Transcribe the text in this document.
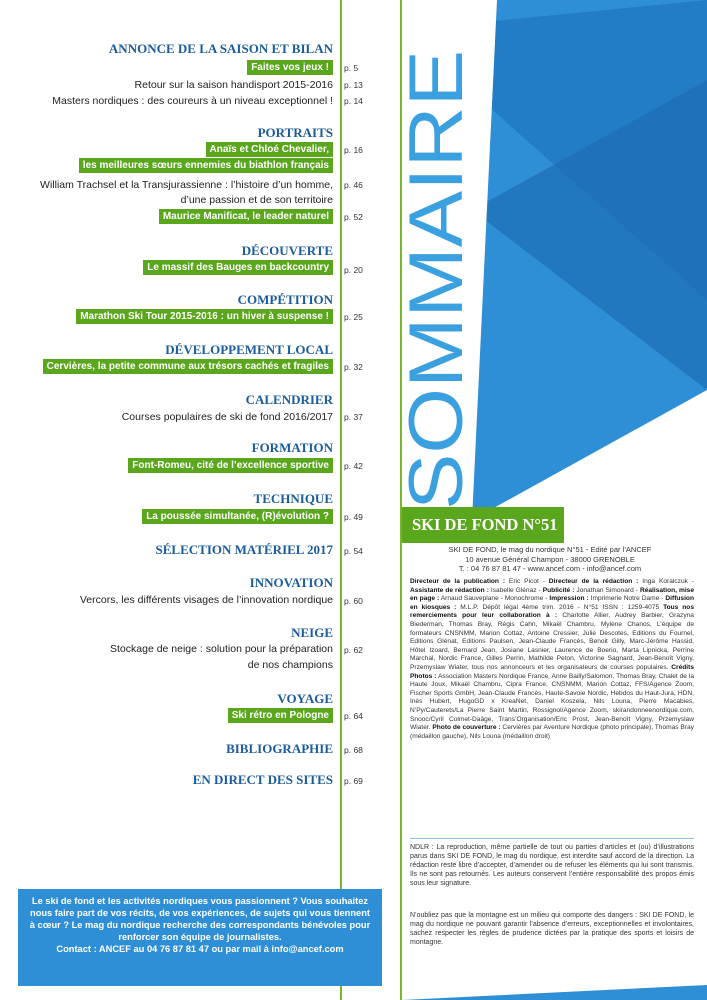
SOMMAIRE
SKI DE FOND N°51
ANNONCE DE LA SAISON ET BILAN
Faites vos jeux !	p. 5
Retour sur la saison handisport 2015-2016 p. 13
Masters nordiques : des coureurs à un niveau exceptionnel ! p. 14
PORTRAITS
Anaïs et Chloé Chevalier,	p. 16
les meilleures sœurs ennemies du biathlon français
William Trachsel et la Transjurassienne : l’histoire d’un homme, p. 46
d’une passion et de son territoire
Maurice Manificat, le leader naturel	p. 52
DÉCOUVERTE
Le massif des Bauges en backcountry	p. 20
COMPÉTITION
Marathon Ski Tour 2015-2016 : un hiver à suspense !	p. 25
DÉVELOPPEMENT LOCAL
Cervières, la petite commune aux trésors cachés et fragiles	p. 32
CALENDRIER
Courses populaires de ski de fond 2016/2017 p. 37
FORMATION
Font-Romeu, cité de l’excellence sportive	p. 42
TECHNIQUE
La poussée simultanée, (R)évolution ?	p. 49
SÉLECTION MATÉRIEL 2017 p. 54
INNOVATION
Vercors, les différents visages de l’innovation nordique p. 60
NEIGE
Stockage de neige : solution pour la préparation p. 62
de nos champions
VOYAGE
Ski rétro en Pologne	p. 64
BIBLIOGRAPHIE p. 68
EN DIRECT DES SITES p. 69
SKI DE FOND, le mag du nordique N°51 - Edité par l’ANCEF
10 avenue Général Champon - 38000 GRENOBLE
T. : 04 76 87 81 47 - www.ancef.com - info@ancef.com
Directeur de la publication : Eric Picot - Directeur de la rédaction : Inga Koralczuk - Assistante de rédaction : Isabelle Glénaz - Publicité : Jonathan Simonard - Réalisation, mise en page : Arnaud Sauveplane - Monochrome - Impression : Imprimerie Notre Dame - Diffusion en kiosques : M.L.P. Dépôt légal 4ème trim. 2016 - N°51 ISSN : 1259-4075 Tous nos remerciements pour leur collaboration à : Charlotte Allier, Audrey Barbier, Grazyna Biederman, Thomas Bray, Régis Cahn, Mikaël Chambru, Mylène Chanos, L’équipe de formateurs CNSNMM, Marion Cottaz, Antoine Cressier, Julie Descotes, Editions du Fournel, Editions Glénat, Editions Paulsen, Jean-Claude Francès, Benoit Gilly, Marc-Jérôme Hassid, Hôtel Izoard, Bernard Jean, Josiane Lasnier, Laurence de Boerio, Marta Lipnicka, Perrine Marchal, Nordic France, Gilles Perrin, Mathilde Peton, Victorine Sagnard, Jean-Benoît Vigny, Przemyslaw Wiater, tous nos annonceurs et les organisateurs de courses populaires. Crédits Photos : Association Masters Nordique France, Anne Bailly/Salomon, Thomas Bray, Chalet de la Haute Joux, Mikaël Chambru, Cipra France, CNSNMM, Marion Cottaz, FFS/Agence Zoom, Fischer Sports GmbH, Jean-Claude Francès, Haute-Savoie Nordic, Hebdos du Haut-Jura, HDN, Inès Hubert, HugoGD x KreaNet, Daniel Koszela, Nils Louna, Pierre Macabies, N’Py/Cauterets/La Pierre Saint Martin, Rossignol/Agence Zoom, skirandonneenordique.com, Snooc/Cyril Colmet-Daâge, Trans’Organisation/Eric Prost, Jean-Benoît Vigny, Przemyslaw Wiater. Photo de couverture : Cervières par Aventure Nordique (photo principale), Thomas Bray (médaillon gauche), Nils Louna (médaillon droit)
NDLR : La reproduction, même partielle de tout ou parties d’articles et (ou) d’illustrations parus dans SKI DE FOND, le mag du nordique, est interdite sauf accord de la direction. La rédaction reste libre d’accepter, d’amender ou de refuser les éléments qui lui sont transmis. Ils ne sont pas retournés. Les auteurs conservent l’entière responsabilité des propos émis sous leur signature.
N’oubliez pas que la montagne est un milieu qui comporte des dangers : SKI DE FOND, le mag du nordique ne pouvant garantir l’absence d’erreurs, exceptionnelles et involontaires, sachez respecter les règles de prudence dictées par la pratique des sports et loisirs de montagne.

Le ski de fond et les activités nordiques vous passionnent ? Vous souhaitez nous faire part de vos récits, de vos expériences, de sujets qui vous tiennent à cœur ? Le mag du nordique recherche des correspondants bénévoles pour renforcer son équipe de journalistes.

Contact : ANCEF au 04 76 87 81 47 ou par mail à info@ancef.com
